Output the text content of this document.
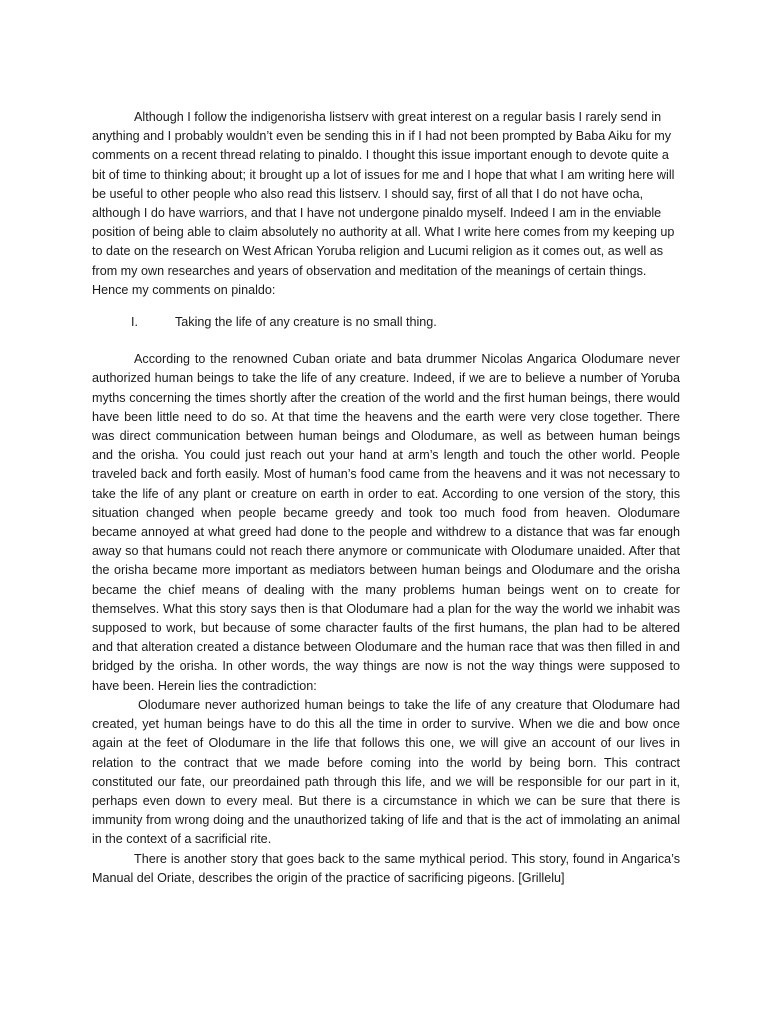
Although I follow the indigenorisha listserv with great interest on a regular basis I rarely send in anything and I probably wouldn’t even be sending this in if I had not been prompted by Baba Aiku for my comments on a recent thread relating to pinaldo. I thought this issue important enough to devote quite a bit of time to thinking about; it brought up a lot of issues for me and I hope that what I am writing here will be useful to other people who also read this listserv. I should say, first of all that I do not have ocha, although I do have warriors, and that I have not undergone pinaldo myself. Indeed I am in the enviable position of being able to claim absolutely no authority at all. What I write here comes from my keeping up to date on the research on West African Yoruba religion and Lucumi religion as it comes out, as well as from my own researches and years of observation and meditation of the meanings of certain things. Hence my comments on pinaldo:

I.	Taking the life of any creature is no small thing.

According to the renowned Cuban oriate and bata drummer Nicolas Angarica Olodumare never authorized human beings to take the life of any creature. Indeed, if we are to believe a number of Yoruba myths concerning the times shortly after the creation of the world and the first human beings, there would have been little need to do so. At that time the heavens and the earth were very close together. There was direct communication between human beings and Olodumare, as well as between human beings and the orisha. You could just reach out your hand at arm’s length and touch the other world. People traveled back and forth easily. Most of human’s food came from the heavens and it was not necessary to take the life of any plant or creature on earth in order to eat. According to one version of the story, this situation changed when people became greedy and took too much food from heaven. Olodumare became annoyed at what greed had done to the people and withdrew to a distance that was far enough away so that humans could not reach there anymore or communicate with Olodumare unaided. After that the orisha became more important as mediators between human beings and Olodumare and the orisha became the chief means of dealing with the many problems human beings went on to create for themselves. What this story says then is that Olodumare had a plan for the way the world we inhabit was supposed to work, but because of some character faults of the first humans, the plan had to be altered and that alteration created a distance between Olodumare and the human race that was then filled in and bridged by the orisha. In other words, the way things are now is not the way things were supposed to have been. Herein lies the contradiction:

Olodumare never authorized human beings to take the life of any creature that Olodumare had created, yet human beings have to do this all the time in order to survive. When we die and bow once again at the feet of Olodumare in the life that follows this one, we will give an account of our lives in relation to the contract that we made before coming into the world by being born. This contract constituted our fate, our preordained path through this life, and we will be responsible for our part in it, perhaps even down to every meal. But there is a circumstance in which we can be sure that there is immunity from wrong doing and the unauthorized taking of life and that is the act of immolating an animal in the context of a sacrificial rite.

There is another story that goes back to the same mythical period. This story, found in Angarica’s Manual del Oriate, describes the origin of the practice of sacrificing pigeons. [Grillelu]
